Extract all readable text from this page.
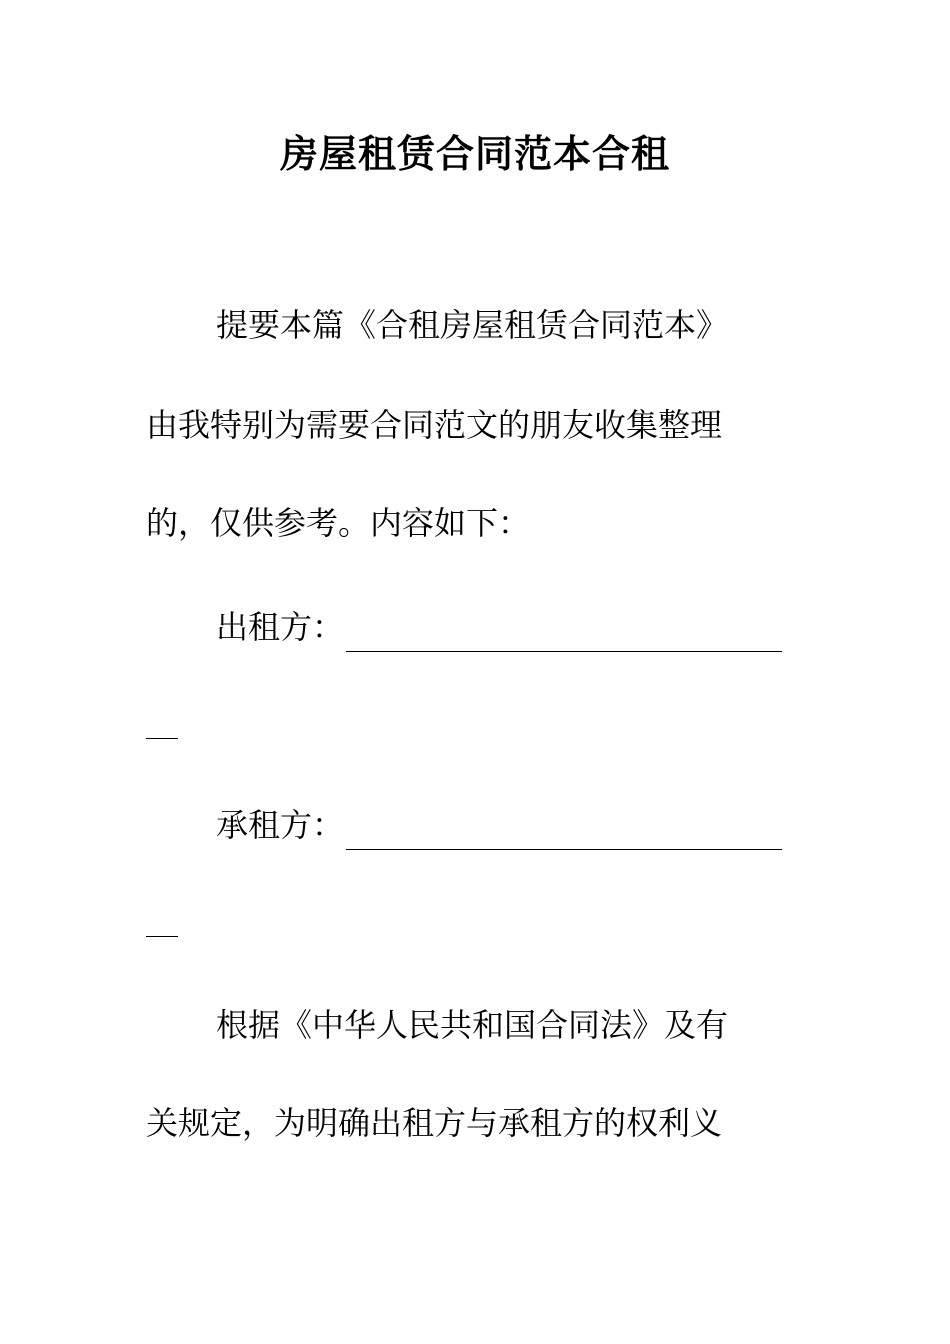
房屋租赁合同范本合租

提要本篇《合租房屋租赁合同范本》

由我特别为需要合同范文的朋友收集整理

的，仅供参考。内容如下：

出租方：

承租方：

根据《中华人民共和国合同法》及有

关规定，为明确出租方与承租方的权利义
